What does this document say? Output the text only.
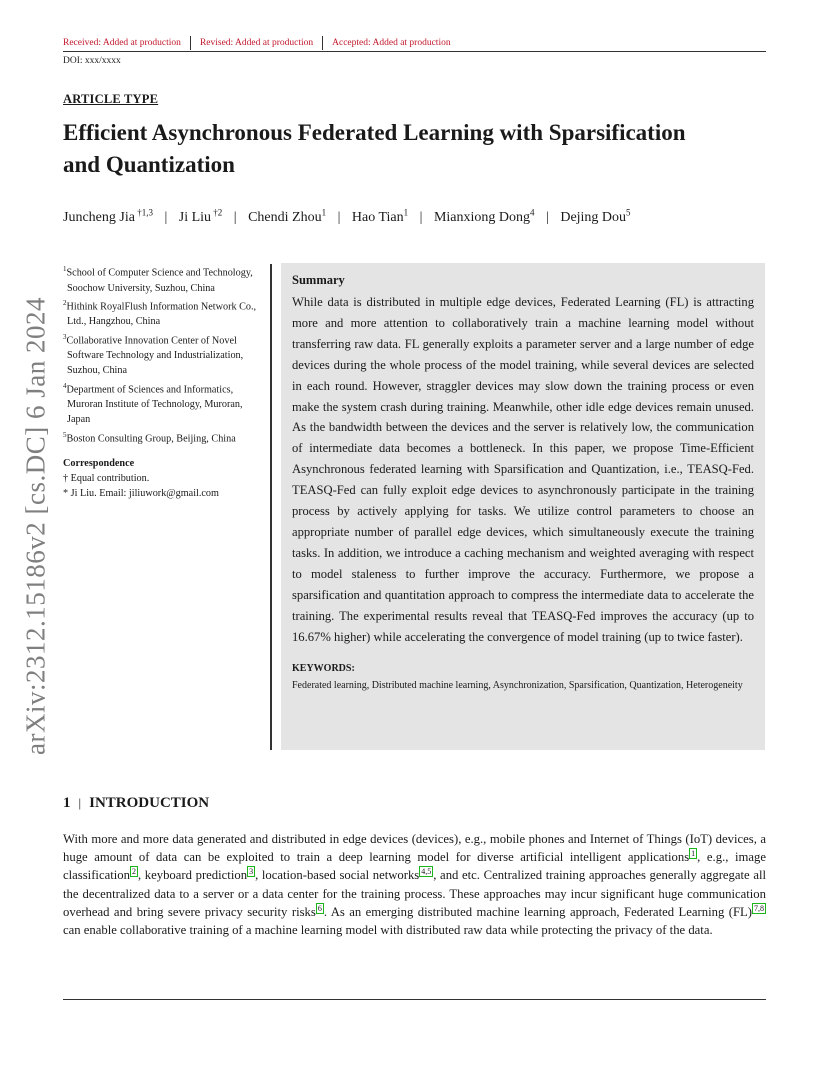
Received: Added at production Revised: Added at production Accepted: Added at production
DOI: xxx/xxxx
ARTICLE TYPE
Efficient Asynchronous Federated Learning with Sparsification
and Quantization
Juncheng Jia $^{\dagger 1,3}$ | Ji Liu $^{\dagger 2}$ | Chendi Zhou$^1$ | Hao Tian$^1$ | Mianxiong Dong$^4$ | Dejing Dou$^5$
$^1$School of Computer Science and Technology, Soochow University, Suzhou, China
$^2$Hithink RoyalFlush Information Network Co., Ltd., Hangzhou, China
$^3$Collaborative Innovation Center of Novel Software Technology and Industrialization, Suzhou, China
$^4$Department of Sciences and Informatics, Muroran Institute of Technology, Muroran, Japan
$^5$Boston Consulting Group, Beijing, China
Correspondence
† Equal contribution.
* Ji Liu. Email: jiliuwork@gmail.com
Summary
While data is distributed in multiple edge devices, Federated Learning (FL) is attracting more and more attention to collaboratively train a machine learning model without transferring raw data. FL generally exploits a parameter server and a large number of edge devices during the whole process of the model training, while several devices are selected in each round. However, straggler devices may slow down the training process or even make the system crash during training. Meanwhile, other idle edge devices remain unused. As the bandwidth between the devices and the server is relatively low, the communication of intermediate data becomes a bottleneck. In this paper, we propose Time-Efficient Asynchronous federated learning with Sparsification and Quantization, i.e., TEASQ-Fed. TEASQ-Fed can fully exploit edge devices to asynchronously participate in the training process by actively applying for tasks. We utilize control parameters to choose an appropriate number of parallel edge devices, which simultaneously execute the training tasks. In addition, we introduce a caching mechanism and weighted averaging with respect to model staleness to further improve the accuracy. Furthermore, we propose a sparsification and quantitation approach to compress the intermediate data to accelerate the training. The experimental results reveal that TEASQ-Fed improves the accuracy (up to 16.67% higher) while accelerating the convergence of model training (up to twice faster).
KEYWORDS:
Federated learning, Distributed machine learning, Asynchronization, Sparsification, Quantization, Heterogeneity
arXiv:2312.15186v2 [cs.DC] 6 Jan 2024
1 | INTRODUCTION
With more and more data generated and distributed in edge devices (devices), e.g., mobile phones and Internet of Things (IoT) devices, a huge amount of data can be exploited to train a deep learning model for diverse artificial intelligent applications $^1$ , e.g., image classification $^2$ , keyboard prediction $^3$ , location-based social networks $^{4,5}$ , and etc. Centralized training approaches generally aggregate all the decentralized data to a server or a data center for the training process. These approaches may incur significant huge communication overhead and bring severe privacy security risks $^6$ . As an emerging distributed machine learning approach, Federated Learning (FL) $^{7,8}$ can enable collaborative training of a machine learning model with distributed raw data while protecting the privacy of the data.
